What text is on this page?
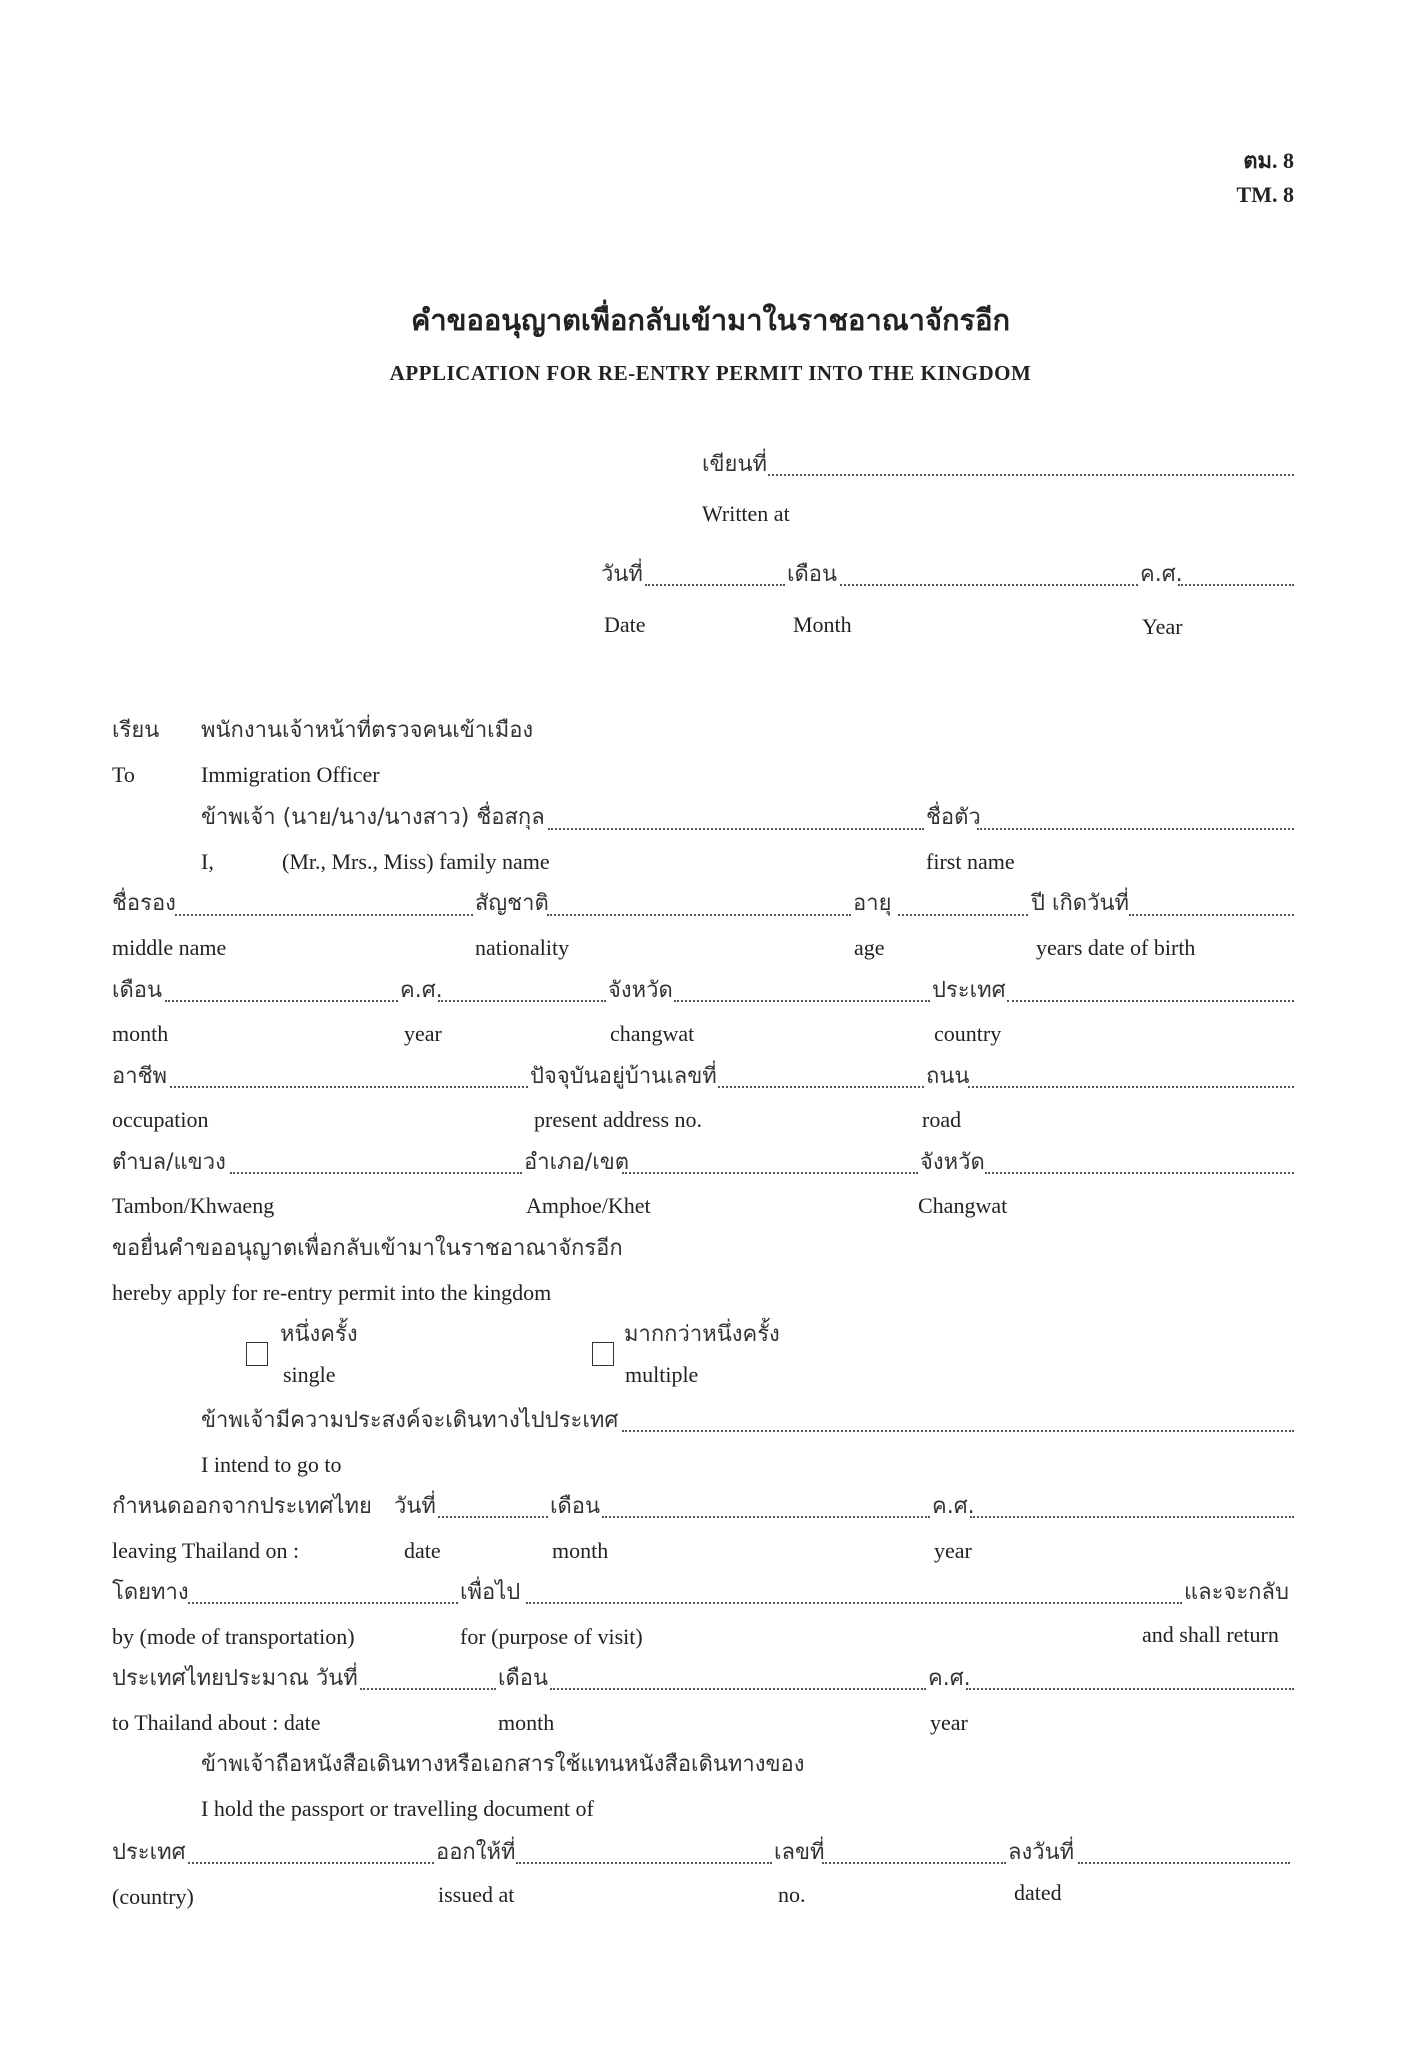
ตม. 8
TM. 8
คำขออนุญาตเพื่อกลับเข้ามาในราชอาณาจักรอีก
APPLICATION FOR RE-ENTRY PERMIT INTO THE KINGDOM
เขียนที่
Written at
วันที่	เดือน	ค.ศ.
Date	Month	Year
เรียน พนักงานเจ้าหน้าที่ตรวจคนเข้าเมือง
To	Immigration Officer
ข้าพเจ้า (นาย/นาง/นางสาว) ชื่อสกุล	ชื่อตัว
I,	(Mr., Mrs., Miss) family name	first name
ชื่อรอง	สัญชาติ	อายุ	ปี เกิดวันที่
middle name	nationality	age	years date of birth
เดือน	ค.ศ.	จังหวัด	ประเทศ
month	year	changwat	country
อาชีพ	ปัจจุบันอยู่บ้านเลขที่	ถนน
occupation	present address no.	road
ตำบล/แขวง	อำเภอ/เขต	จังหวัด
Tambon/Khwaeng	Amphoe/Khet	Changwat
ขอยื่นคำขออนุญาตเพื่อกลับเข้ามาในราชอาณาจักรอีก
hereby apply for re-entry permit into the kingdom
หนึ่งครั้ง
single
มากกว่าหนึ่งครั้ง
multiple
ข้าพเจ้ามีความประสงค์จะเดินทางไปประเทศ
I intend to go to
กำหนดออกจากประเทศไทย วันที่	เดือน	ค.ศ.
leaving Thailand on :	date	month	year
โดยทาง	เพื่อไป	และจะกลับ
by (mode of transportation)	for (purpose of visit)	and shall return
ประเทศไทยประมาณ วันที่	เดือน	ค.ศ.
to Thailand about : date	month	year
ข้าพเจ้าถือหนังสือเดินทางหรือเอกสารใช้แทนหนังสือเดินทางของ
I hold the passport or travelling document of
ประเทศ	ออกให้ที่	เลขที่	ลงวันที่
(country)	issued at	no.	dated
